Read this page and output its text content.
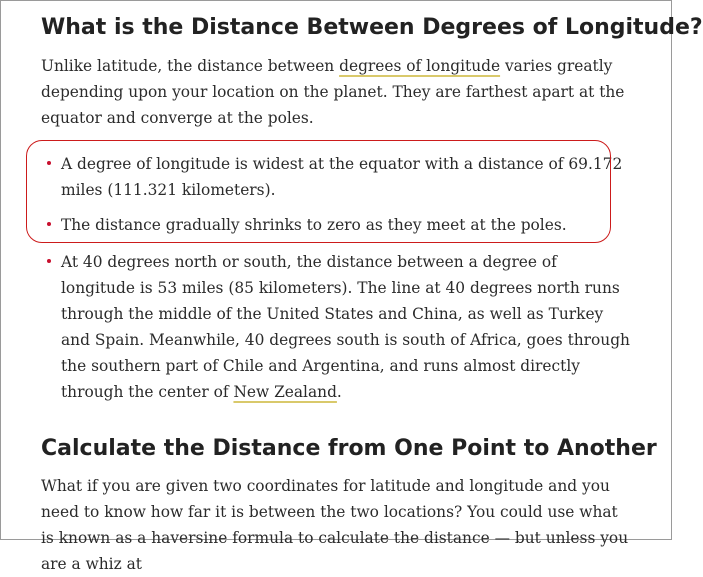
What is the Distance Between Degrees of Longitude?

Unlike latitude, the distance between degrees of longitude varies greatly depending upon your location on the planet. They are farthest apart at the equator and converge at the poles.

A degree of longitude is widest at the equator with a distance of 69.172 miles (111.321 kilometers).
The distance gradually shrinks to zero as they meet at the poles.
At 40 degrees north or south, the distance between a degree of longitude is 53 miles (85 kilometers). The line at 40 degrees north runs through the middle of the United States and China, as well as Turkey and Spain. Meanwhile, 40 degrees south is south of Africa, goes through the southern part of Chile and Argentina, and runs almost directly through the center of New Zealand.
Calculate the Distance from One Point to Another

What if you are given two coordinates for latitude and longitude and you need to know how far it is between the two locations? You could use what is known as a haversine formula to calculate the distance — but unless you are a whiz at
